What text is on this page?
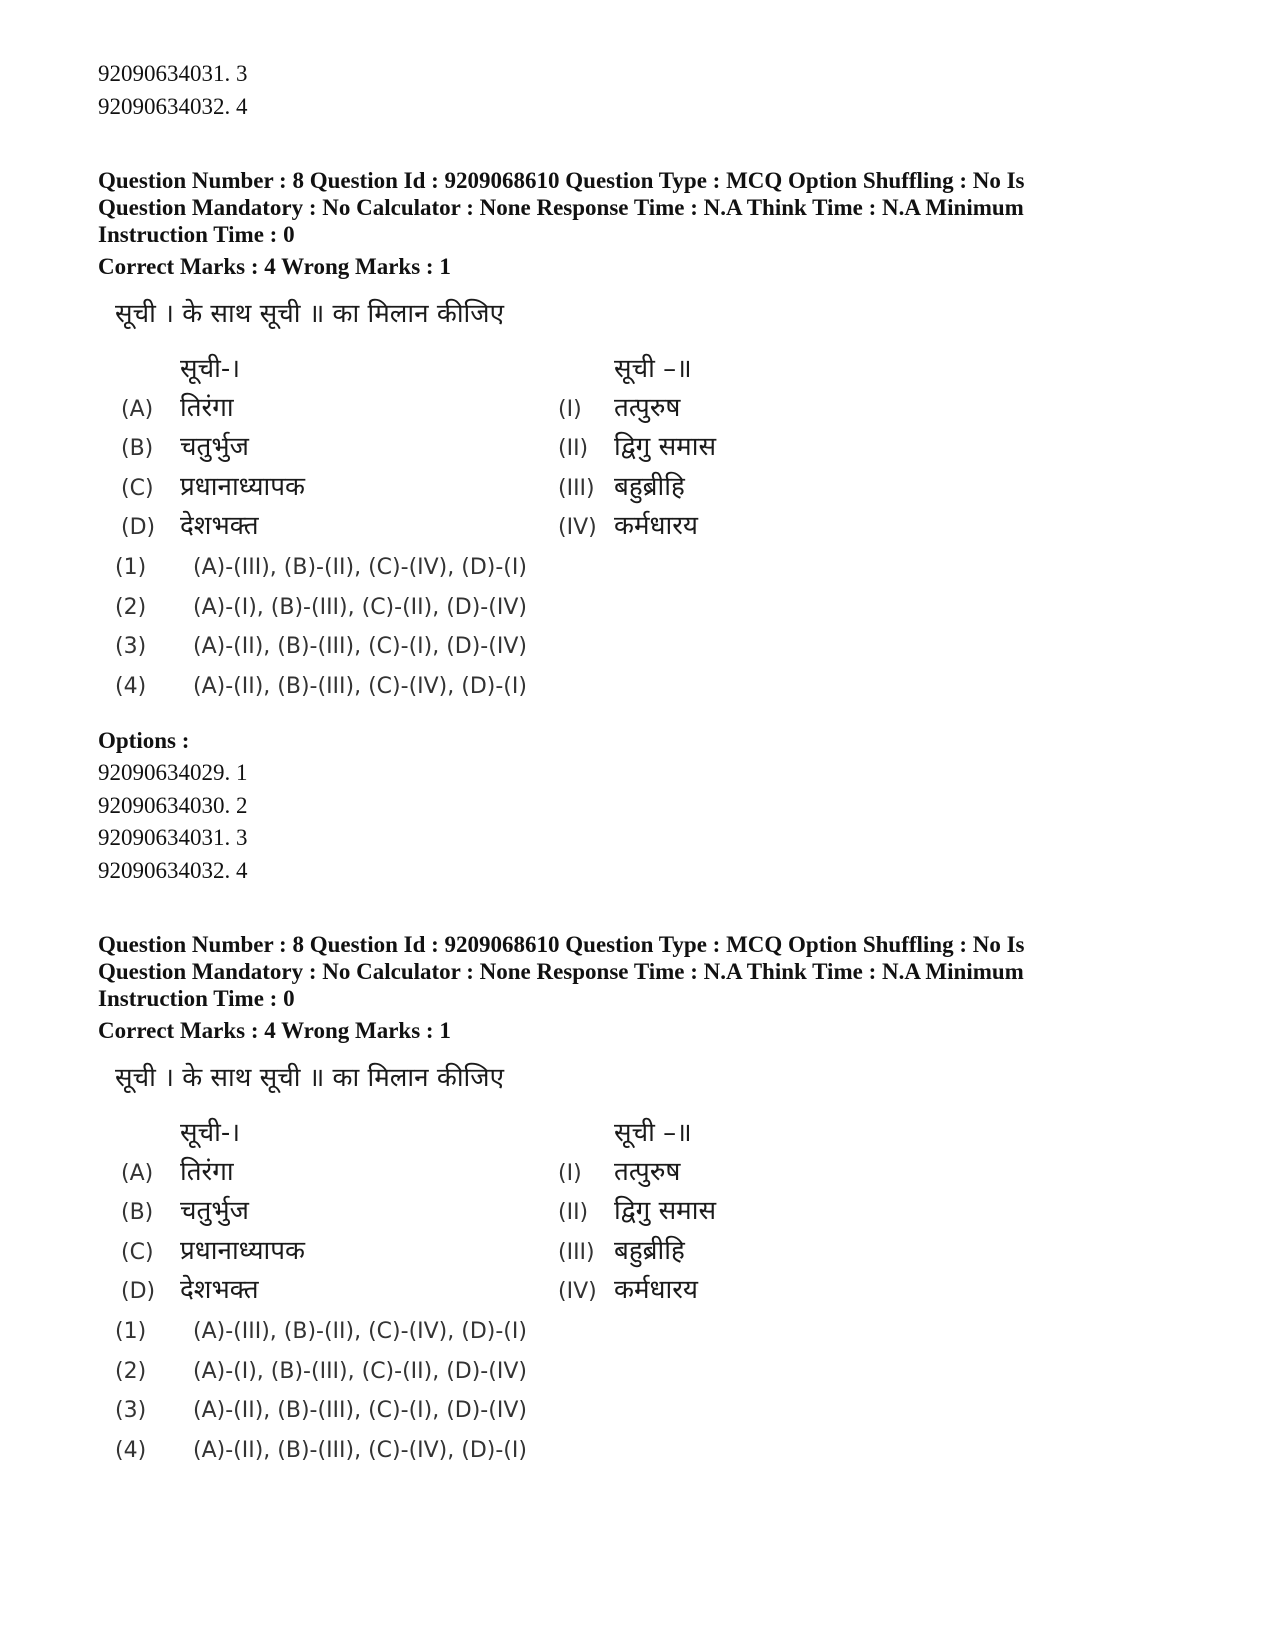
92090634031. 3
92090634032. 4
Question Number : 8 Question Id : 9209068610 Question Type : MCQ Option Shuffling : No Is
Question Mandatory : No Calculator : None Response Time : N.A Think Time : N.A Minimum
Instruction Time : 0
Correct Marks : 4 Wrong Marks : 1
सूची । के साथ सूची ॥ का मिलान कीजिए
सूची-।	सूची –॥
(A) तिरंगा	(I) तत्पुरुष
(B) चतुर्भुज	(II) द्विगु समास
(C) प्रधानाध्यापक	(III) बहुब्रीहि
(D) देशभक्त	(IV) कर्मधारय
(1) (A)-(III), (B)-(II), (C)-(IV), (D)-(I)
(2) (A)-(I), (B)-(III), (C)-(II), (D)-(IV)
(3) (A)-(II), (B)-(III), (C)-(I), (D)-(IV)
(4) (A)-(II), (B)-(III), (C)-(IV), (D)-(I)
Options :
92090634029. 1
92090634030. 2
92090634031. 3
92090634032. 4
Question Number : 8 Question Id : 9209068610 Question Type : MCQ Option Shuffling : No Is
Question Mandatory : No Calculator : None Response Time : N.A Think Time : N.A Minimum
Instruction Time : 0
Correct Marks : 4 Wrong Marks : 1
सूची । के साथ सूची ॥ का मिलान कीजिए
सूची-।	सूची –॥
(A) तिरंगा	(I) तत्पुरुष
(B) चतुर्भुज	(II) द्विगु समास
(C) प्रधानाध्यापक	(III) बहुब्रीहि
(D) देशभक्त	(IV) कर्मधारय
(1) (A)-(III), (B)-(II), (C)-(IV), (D)-(I)
(2) (A)-(I), (B)-(III), (C)-(II), (D)-(IV)
(3) (A)-(II), (B)-(III), (C)-(I), (D)-(IV)
(4) (A)-(II), (B)-(III), (C)-(IV), (D)-(I)
